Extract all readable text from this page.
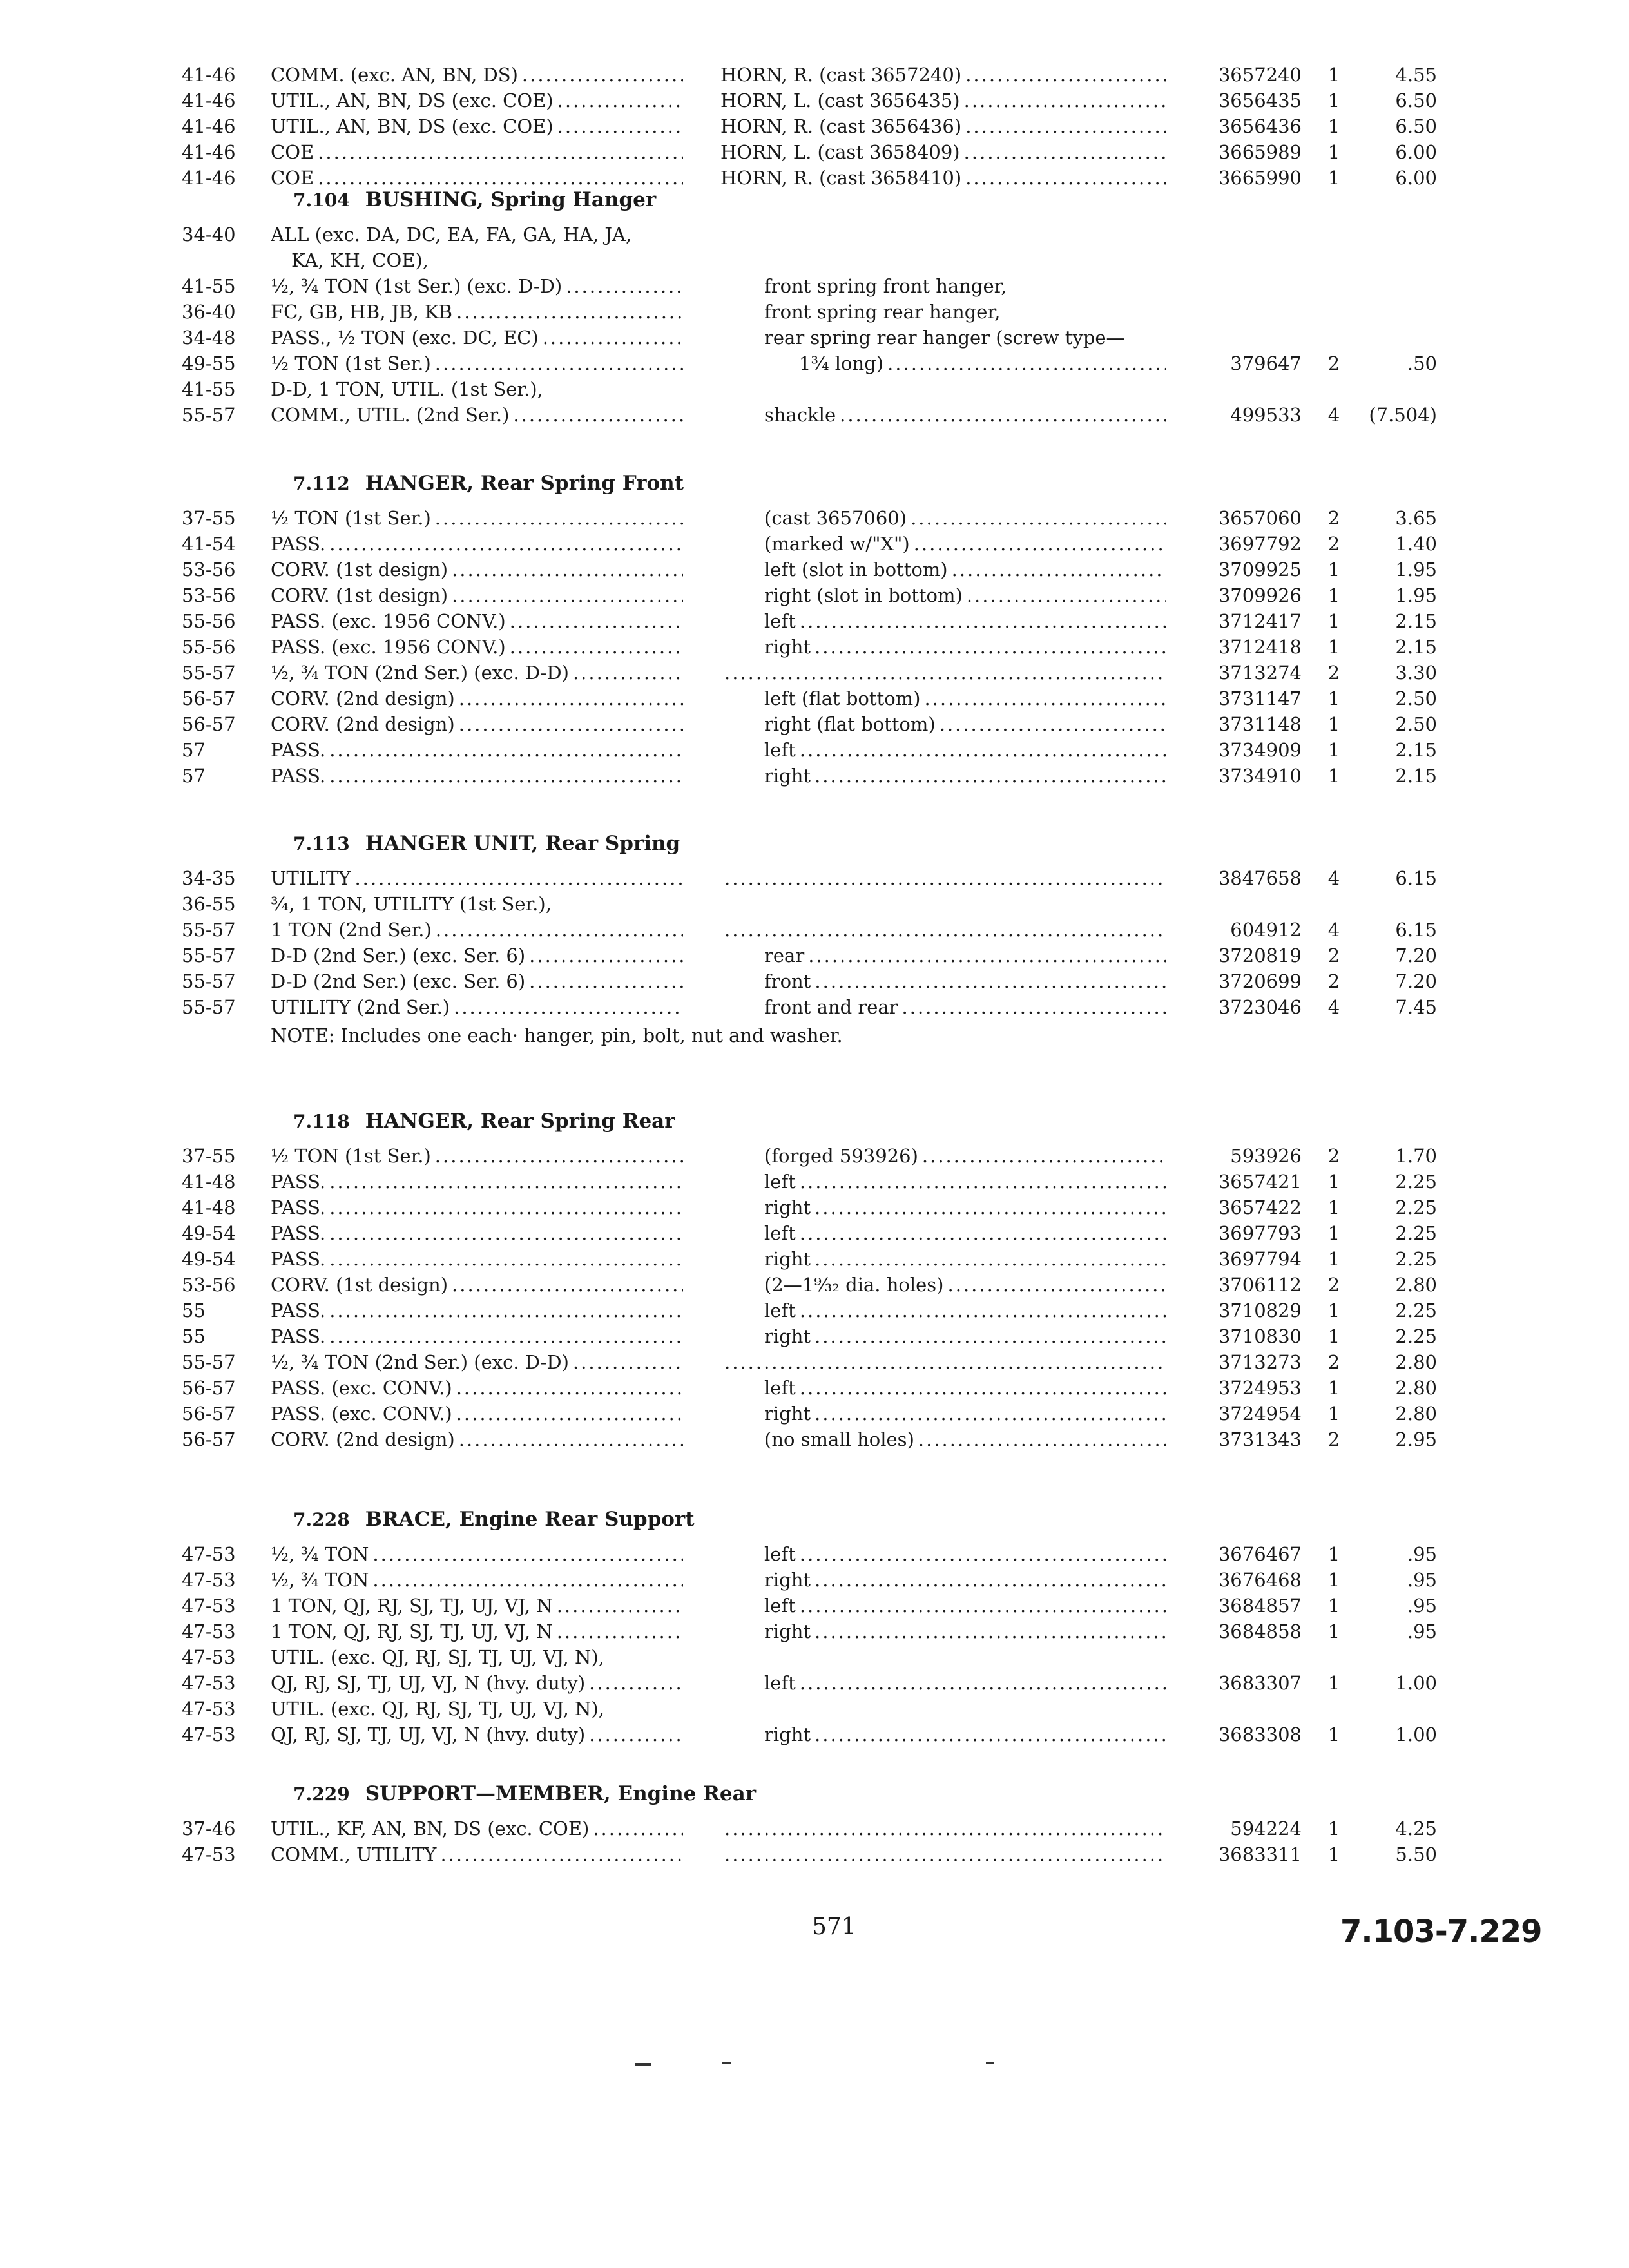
41-46	COMM. (exc. AN, BN, DS) .....	HORN, R. (cast 3657240) .....	3657240	1	4.55
41-46	UTIL., AN, BN, DS (exc. COE) .....	HORN, L. (cast 3656435) .....	3656435	1	6.50
41-46	UTIL., AN, BN, DS (exc. COE) .....	HORN, R. (cast 3656436) .....	3656436	1	6.50
41-46	COE .....	HORN, L. (cast 3658409) .....	3665989	1	6.00
41-46	COE .....	HORN, R. (cast 3658410) .....	3665990	1	6.00
7.104 BUSHING, Spring Hanger
34-40	ALL (exc. DA, DC, EA, FA, GA, HA, JA,
KA, KH, COE),
41-55	½, ¾ TON (1st Ser.) (exc. D-D) .....	front spring front hanger,
36-40	FC, GB, HB, JB, KB .....	front spring rear hanger,
34-48	PASS., ½ TON (exc. DC, EC) .....	rear spring rear hanger (screw type—
49-55	½ TON (1st Ser.) .....	1¾ long) .....	379647	2	.50
41-55	D-D, 1 TON, UTIL. (1st Ser.),
55-57	COMM., UTIL. (2nd Ser.) .....	shackle .....	499533	4	(7.504)
7.112 HANGER, Rear Spring Front
37-55	½ TON (1st Ser.) .....	(cast 3657060) .....	3657060	2	3.65
41-54	PASS. .....	(marked w/"X") .....	3697792	2	1.40
53-56	CORV. (1st design) .....	left (slot in bottom) .....	3709925	1	1.95
53-56	CORV. (1st design) .....	right (slot in bottom) .....	3709926	1	1.95
55-56	PASS. (exc. 1956 CONV.) .....	left .....	3712417	1	2.15
55-56	PASS. (exc. 1956 CONV.) .....	right .....	3712418	1	2.15
55-57	½, ¾ TON (2nd Ser.) (exc. D-D) ..... .....	3713274	2	3.30
56-57	CORV. (2nd design) .....	left (flat bottom) .....	3731147	1	2.50
56-57	CORV. (2nd design) .....	right (flat bottom) .....	3731148	1	2.50
57	PASS. .....	left .....	3734909	1	2.15
57	PASS. .....	right .....	3734910	1	2.15
7.113 HANGER UNIT, Rear Spring
34-35	UTILITY ..... .....	3847658	4	6.15
36-55	¾, 1 TON, UTILITY (1st Ser.),
55-57	1 TON (2nd Ser.) ..... .....	604912	4	6.15
55-57	D-D (2nd Ser.) (exc. Ser. 6) .....	rear .....	3720819	2	7.20
55-57	D-D (2nd Ser.) (exc. Ser. 6) .....	front .....	3720699	2	7.20
55-57	UTILITY (2nd Ser.) .....	front and rear .....	3723046	4	7.45
NOTE: Includes one each· hanger, pin, bolt, nut and washer.
7.118 HANGER, Rear Spring Rear
37-55	½ TON (1st Ser.) .....	(forged 593926) .....	593926	2	1.70
41-48	PASS. .....	left .....	3657421	1	2.25
41-48	PASS. .....	right .....	3657422	1	2.25
49-54	PASS. .....	left .....	3697793	1	2.25
49-54	PASS. .....	right .....	3697794	1	2.25
53-56	CORV. (1st design) .....	(2—1⁹⁄₃₂ dia. holes) .....	3706112	2	2.80
55	PASS. .....	left .....	3710829	1	2.25
55	PASS. .....	right .....	3710830	1	2.25
55-57	½, ¾ TON (2nd Ser.) (exc. D-D) ..... .....	3713273	2	2.80
56-57	PASS. (exc. CONV.) .....	left .....	3724953	1	2.80
56-57	PASS. (exc. CONV.) .....	right .....	3724954	1	2.80
56-57	CORV. (2nd design) .....	(no small holes) .....	3731343	2	2.95
7.228 BRACE, Engine Rear Support
47-53	½, ¾ TON .....	left .....	3676467	1	.95
47-53	½, ¾ TON .....	right .....	3676468	1	.95
47-53	1 TON, QJ, RJ, SJ, TJ, UJ, VJ, N .....	left .....	3684857	1	.95
47-53	1 TON, QJ, RJ, SJ, TJ, UJ, VJ, N .....	right .....	3684858	1	.95
47-53	UTIL. (exc. QJ, RJ, SJ, TJ, UJ, VJ, N),
47-53	QJ, RJ, SJ, TJ, UJ, VJ, N (hvy. duty) .....	left .....	3683307	1	1.00
47-53	UTIL. (exc. QJ, RJ, SJ, TJ, UJ, VJ, N),
47-53	QJ, RJ, SJ, TJ, UJ, VJ, N (hvy. duty) .....	right .....	3683308	1	1.00
7.229 SUPPORT—MEMBER, Engine Rear
37-46	UTIL., KF, AN, BN, DS (exc. COE) ..... .....	594224	1	4.25
47-53	COMM., UTILITY ..... .....	3683311	1	5.50
571	7.103-7.229
